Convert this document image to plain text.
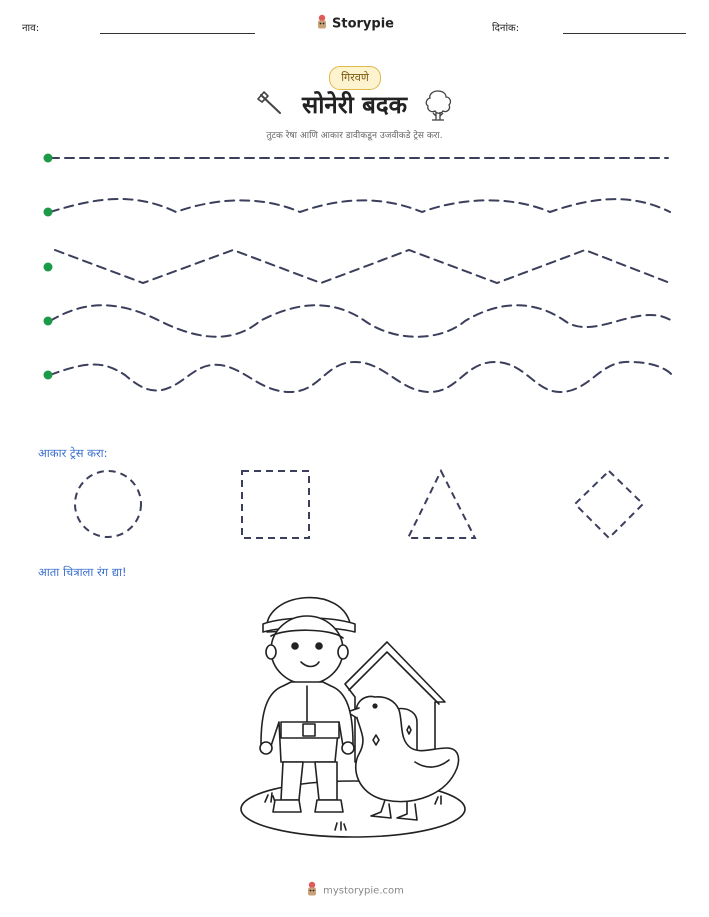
नाव:	Storypie	दिनांक:
गिरवणे
सोनेरी बदक
तुटक रेषा आणि आकार डावीकडून उजवीकडे ट्रेस करा.
आकार ट्रेस करा:
आता चित्राला रंग द्या!
mystorypie.com
